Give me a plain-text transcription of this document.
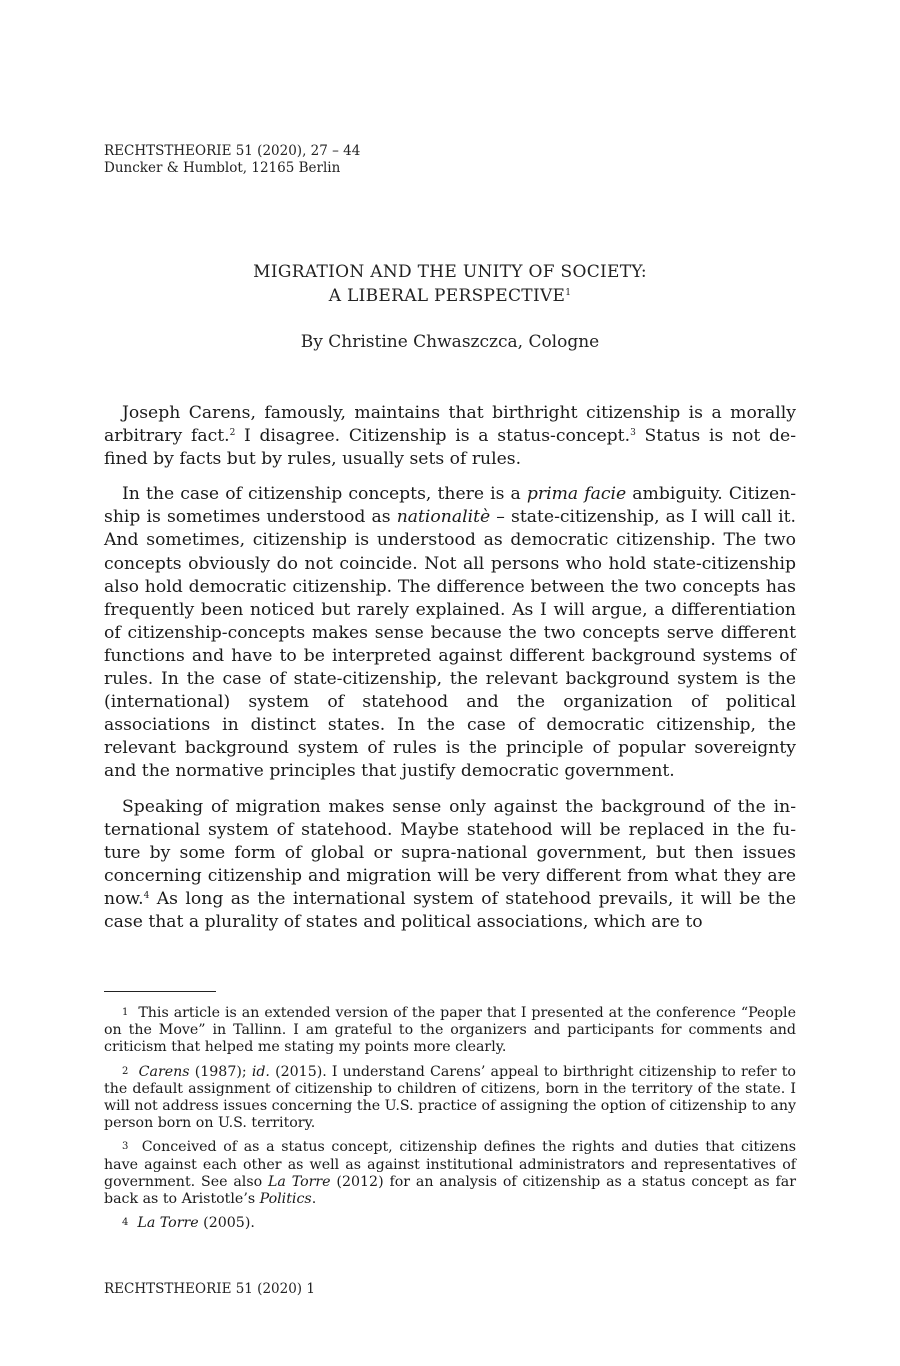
RECHTSTHEORIE 51 (2020), 27 – 44
Duncker & Humblot, 12165 Berlin
MIGRATION AND THE UNITY OF SOCIETY:
A LIBERAL PERSPECTIVE$^1$
By Christine Chwaszczca, Cologne

Joseph Carens, famously, maintains that birthright citizenship is a morally arbitrary fact.$^2$ I disagree. Citizenship is a status-concept.$^3$ Status is not defined by facts but by rules, usually sets of rules.

In the case of citizenship concepts, there is a prima facie ambiguity. Citizenship is sometimes understood as nationalitè – state-citizenship, as I will call it. And sometimes, citizenship is understood as democratic citizenship. The two concepts obviously do not coincide. Not all persons who hold state-citizenship also hold democratic citizenship. The difference between the two concepts has frequently been noticed but rarely explained. As I will argue, a differentiation of citizenship-concepts makes sense because the two concepts serve different functions and have to be interpreted against different background systems of rules. In the case of state-citizenship, the relevant background system is the (international) system of statehood and the organization of political associations in distinct states. In the case of democratic citizenship, the relevant background system of rules is the principle of popular sovereignty and the normative principles that justify democratic government.

Speaking of migration makes sense only against the background of the international system of statehood. Maybe statehood will be replaced in the future by some form of global or supra-national government, but then issues concerning citizenship and migration will be very different from what they are now.$^4$ As long as the international system of statehood prevails, it will be the case that a plurality of states and political associations, which are to

1 This article is an extended version of the paper that I presented at the conference “People on the Move” in Tallinn. I am grateful to the organizers and participants for comments and criticism that helped me stating my points more clearly.

2 Carens (1987); id. (2015). I understand Carens’ appeal to birthright citizenship to refer to the default assignment of citizenship to children of citizens, born in the territory of the state. I will not address issues concerning the U.S. practice of assigning the option of citizenship to any person born on U.S. territory.

3 Conceived of as a status concept, citizenship defines the rights and duties that citizens have against each other as well as against institutional administrators and representatives of government. See also La Torre (2012) for an analysis of citizenship as a status concept as far back as to Aristotle’s Politics.

4 La Torre (2005).

RECHTSTHEORIE 51 (2020) 1
